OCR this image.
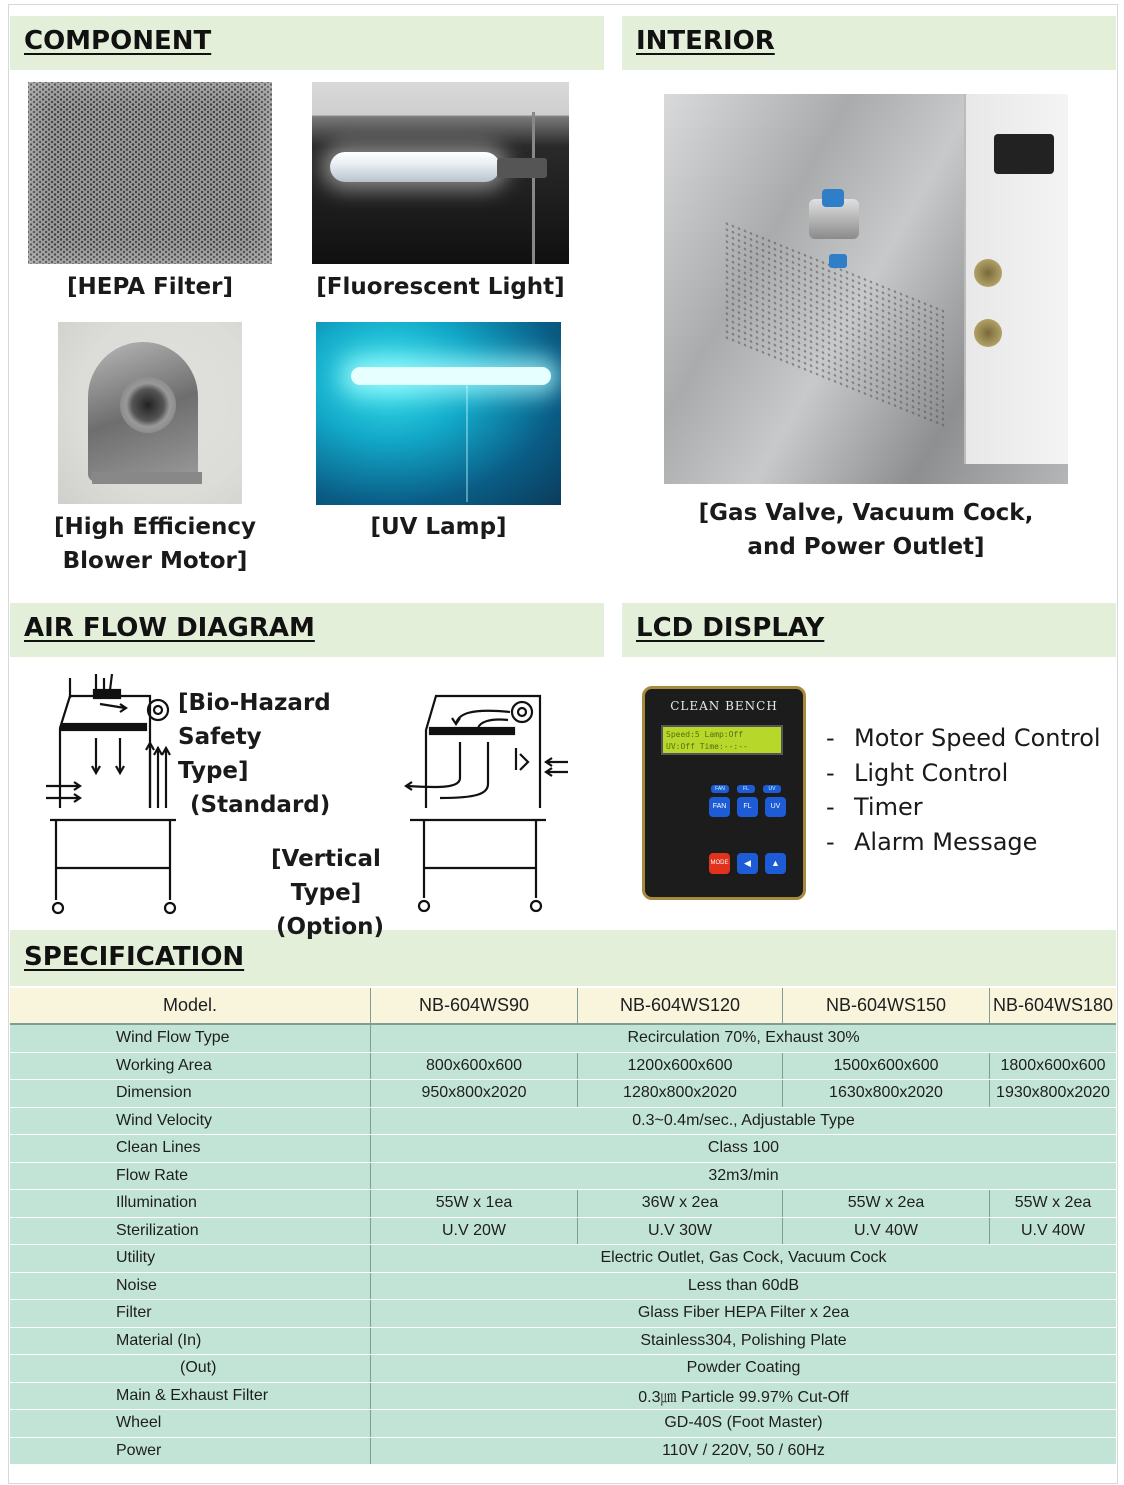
COMPONENT	INTERIOR
AIR FLOW DIAGRAM	LCD DISPLAY
SPECIFICATION
[HEPA Filter]	[Fluorescent Light]
[High Efficiency
Blower Motor]
[UV Lamp]
[Gas Valve, Vacuum Cock,
and Power Outlet]
[Bio-Hazard
Safety Type]
(Standard)
[Vertical Type]
(Option)
CLEAN BENCH
Speed:5 Lamp:Off
UV:Off Time:--:--
FAN	FL	UV
FAN	FL	UV
MODE	◀	▲
- Motor Speed Control
- Light Control
- Timer
- Alarm Message
Model.	NB-604WS90	NB-604WS120	NB-604WS150	NB-604WS180
Wind Flow Type	Recirculation 70%, Exhaust 30%			
Working Area	800x600x600	1200x600x600	1500x600x600	1800x600x600
Dimension	950x800x2020	1280x800x2020	1630x800x2020	1930x800x2020
Wind Velocity	0.3~0.4m/sec., Adjustable Type			
Clean Lines	Class 100			
Flow Rate	32m3/min			
Illumination	55W x 1ea	36W x 2ea	55W x 2ea	55W x 2ea
Sterilization	U.V 20W	U.V 30W	U.V 40W	U.V 40W
Utility	Electric Outlet, Gas Cock, Vacuum Cock			
Noise	Less than 60dB			
Filter	Glass Fiber HEPA Filter x 2ea			
Material (In)	Stainless304, Polishing Plate			
(Out)	Powder Coating			
Main & Exhaust Filter	0.3㎛ Particle 99.97% Cut-Off			
Wheel	GD-40S (Foot Master)			
Power	110V / 220V, 50 / 60Hz			
